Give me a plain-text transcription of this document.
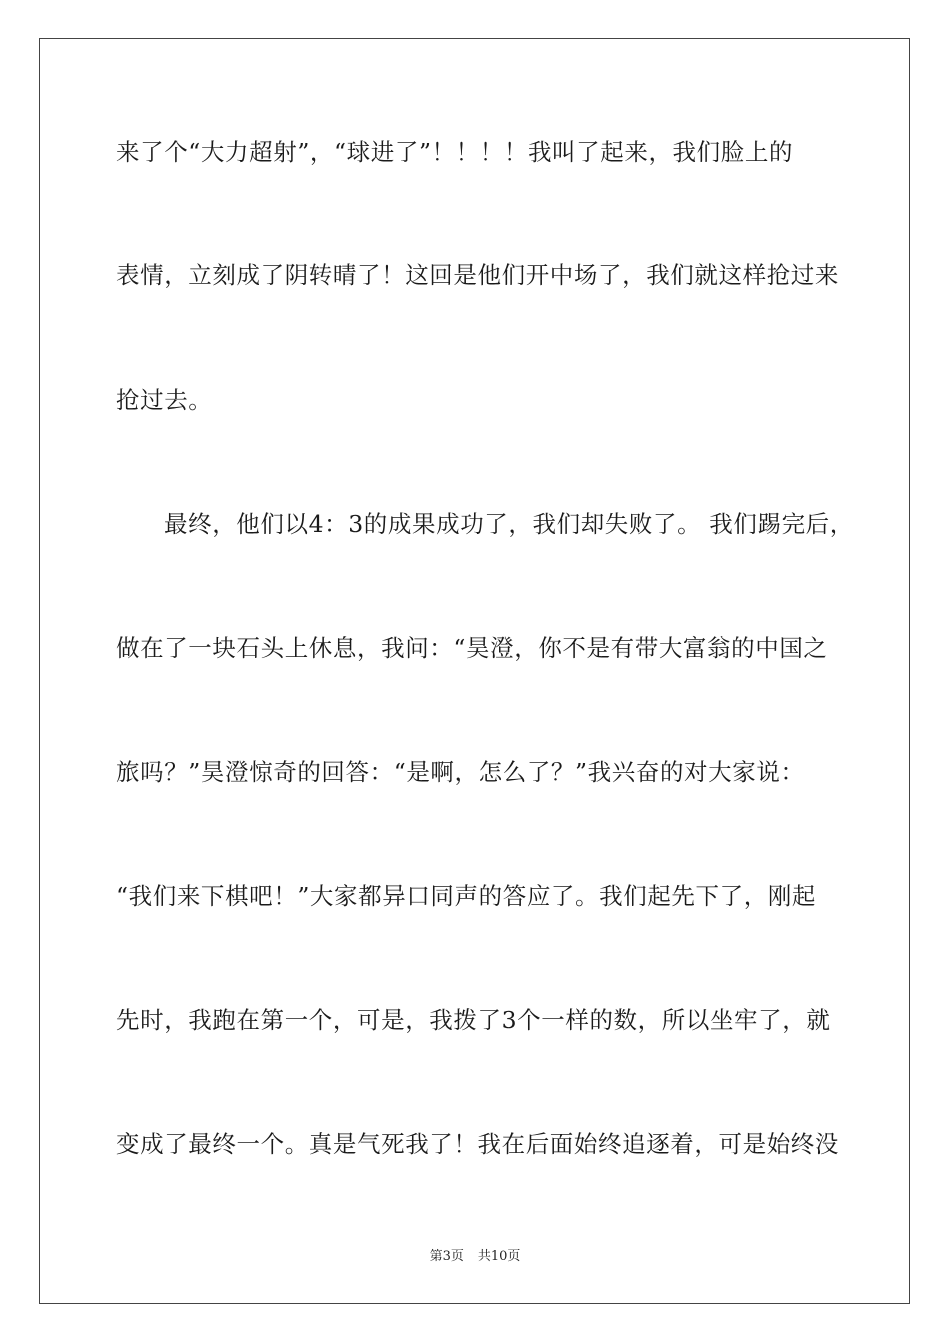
来了个“大力超射”，“球进了”！！！！我叫了起来，我们脸上的
表情，立刻成了阴转晴了！这回是他们开中场了，我们就这样抢过来
抢过去。
最终，他们以4：3的成果成功了，我们却失败了。 我们踢完后，
做在了一块石头上休息，我问：“昊澄，你不是有带大富翁的中国之
旅吗？”昊澄惊奇的回答：“是啊，怎么了？”我兴奋的对大家说：
“我们来下棋吧！”大家都异口同声的答应了。我们起先下了，刚起
先时，我跑在第一个，可是，我拨了3个一样的数，所以坐牢了，就
变成了最终一个。真是气死我了！我在后面始终追逐着，可是始终没
第3页 共10页
